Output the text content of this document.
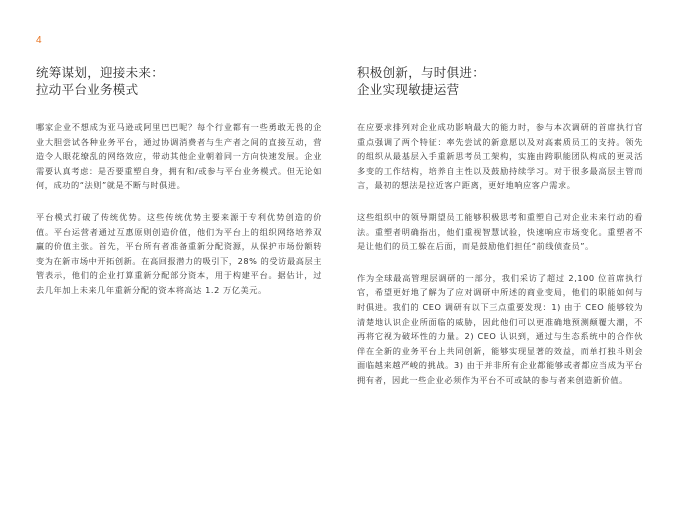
4
统筹谋划，迎接未来：
拉动平台业务模式

哪家企业不想成为亚马逊或阿里巴巴呢？每个行业都有一些勇敢无畏的企业大胆尝试各种业务平台，通过协调消费者与生产者之间的直接互动，营造令人眼花缭乱的网络效应，带动其他企业朝着同一方向快速发展。企业需要认真考虑：是否要重塑自身，拥有和/或参与平台业务模式。但无论如何，成功的“法则”就是不断与时俱进。

平台模式打破了传统优势。这些传统优势主要来源于专利优势创造的价值。平台运营者通过互惠原则创造价值，他们为平台上的组织网络培养双赢的价值主张。首先，平台所有者准备重新分配资源，从保护市场份额转变为在新市场中开拓创新。在高回报潜力的吸引下，28% 的受访最高层主管表示，他们的企业打算重新分配部分资本，用于构建平台。据估计，过去几年加上未来几年重新分配的资本将高达 1.2 万亿美元。

积极创新，与时俱进：
企业实现敏捷运营

在应要求排列对企业成功影响最大的能力时，参与本次调研的首席执行官重点强调了两个特征：率先尝试的新意愿以及对高素质员工的支持。领先的组织从最基层入手重新思考员工架构，实施由跨职能团队构成的更灵活多变的工作结构，培养自主性以及鼓励持续学习。对于很多最高层主管而言，最初的想法是拉近客户距离，更好地响应客户需求。

这些组织中的领导期望员工能够积极思考和重塑自己对企业未来行动的看法。重塑者明确指出，他们重视智慧试验，快速响应市场变化。重塑者不是让他们的员工躲在后面，而是鼓励他们担任“前线侦查员”。

作为全球最高管理层调研的一部分，我们采访了超过 2,100 位首席执行官，希望更好地了解为了应对调研中所述的商业变局，他们的职能如何与时俱进。我们的 CEO 调研有以下三点重要发现：1) 由于 CEO 能够较为清楚地认识企业所面临的威胁，因此他们可以更准确地预测颠覆大潮，不再将它视为破坏性的力量。2) CEO 认识到，通过与生态系统中的合作伙伴在全新的业务平台上共同创新，能够实现显著的效益，而单打独斗则会面临越来越严峻的挑战。3) 由于并非所有企业都能够或者都应当成为平台拥有者，因此一些企业必须作为平台不可或缺的参与者来创造新价值。
